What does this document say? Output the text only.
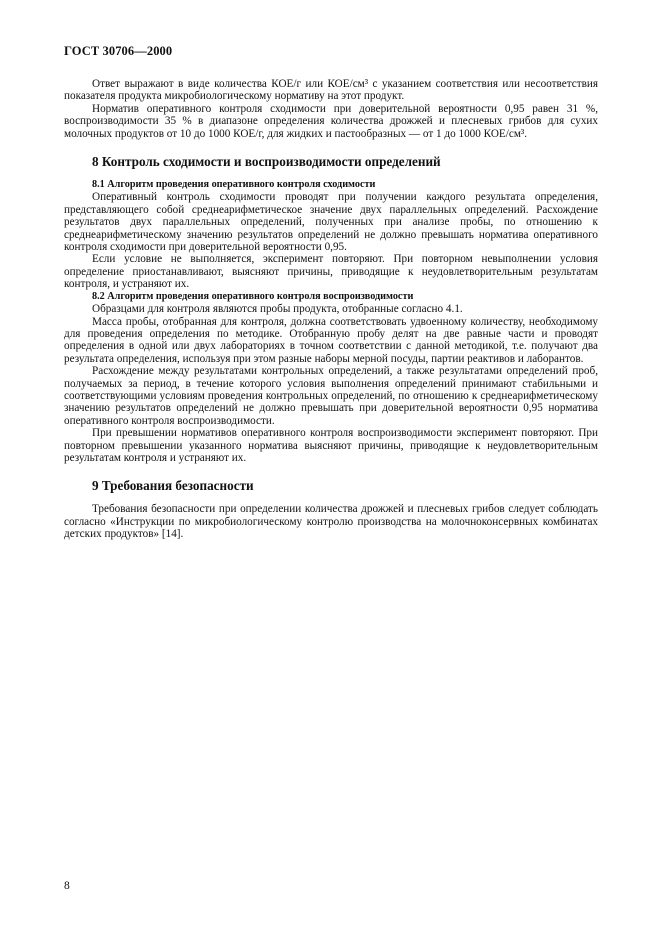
ГОСТ 30706—2000

Ответ выражают в виде количества КОЕ/г или КОЕ/см³ с указанием соответствия или несоответствия показателя продукта микробиологическому нормативу на этот продукт.

Норматив оперативного контроля сходимости при доверительной вероятности 0,95 равен 31 %, воспроизводимости 35 % в диапазоне определения количества дрожжей и плесневых грибов для сухих молочных продуктов от 10 до 1000 КОЕ/г, для жидких и пастообразных — от 1 до 1000 КОЕ/см³.

8 Контроль сходимости и воспроизводимости определений
8.1 Алгоритм проведения оперативного контроля сходимости

Оперативный контроль сходимости проводят при получении каждого результата определения, представляющего собой среднеарифметическое значение двух параллельных определений. Расхождение результатов двух параллельных определений, полученных при анализе пробы, по отношению к среднеарифметическому значению результатов определений не должно превышать норматива оперативного контроля сходимости при доверительной вероятности 0,95.

Если условие не выполняется, эксперимент повторяют. При повторном невыполнении условия определение приостанавливают, выясняют причины, приводящие к неудовлетворительным результатам контроля, и устраняют их.

8.2 Алгоритм проведения оперативного контроля воспроизводимости

Образцами для контроля являются пробы продукта, отобранные согласно 4.1.

Масса пробы, отобранная для контроля, должна соответствовать удвоенному количеству, необходимому для проведения определения по методике. Отобранную пробу делят на две равные части и проводят определения в одной или двух лабораториях в точном соответствии с данной методикой, т.е. получают два результата определения, используя при этом разные наборы мерной посуды, партии реактивов и лаборантов.

Расхождение между результатами контрольных определений, а также результатами определений проб, получаемых за период, в течение которого условия выполнения определений принимают стабильными и соответствующими условиям проведения контрольных определений, по отношению к среднеарифметическому значению результатов определений не должно превышать при доверительной вероятности 0,95 норматива оперативного контроля воспроизводимости.

При превышении нормативов оперативного контроля воспроизводимости эксперимент повторяют. При повторном превышении указанного норматива выясняют причины, приводящие к неудовлетворительным результатам контроля и устраняют их.

9 Требования безопасности

Требования безопасности при определении количества дрожжей и плесневых грибов следует соблюдать согласно «Инструкции по микробиологическому контролю производства на молочноконсервных комбинатах детских продуктов» [14].

8
